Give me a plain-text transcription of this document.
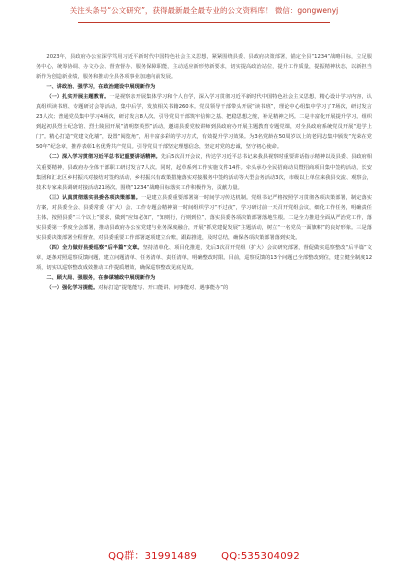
关注头条号“公文研究”，获得最新最全最专业的公文资料库！ 微信：gongwenyj

2023年，县政府办公室深学笃用习近平新时代中国特色社会主义思想，紧紧围绕县委、县政府决策部署，锚定全县“1234”战略目标，立足服务中心，统筹协调、办文办会、督查督办、服务保障职能，主动适应新形势新要求，切实提高政治站位，提升工作质量，提振精神状态，以新担当新作为创造新业绩，服务和推动全县各项事业加速向前发展。

一、讲政治、强学习，在政治建设中展现新作为

（一）扎实开展主题教育。一是视察亲开展集体学习和个人自学，深入学习贯彻习近平新时代中国特色社会主义思想，精心设计学习内容，认真组织读书班、专题研讨会等活动，集中后学，发放相关书籍260本。党员领导干部带头开展“读书班”，理论中心组集中学习了7场次，研讨发言23人次；普通党员集中学习4场次，研讨发言8人次。引导党员干部筑牢信仰之基、把稳思想之舵，补足精神之钙。二是丰富化开展提升学习。组织到起初县烈士纪念馆、烈士陵园开展“清明祭英烈”活动，邀请县委党校讲师到县政府办开展主题教育专题党课，对全县政府系统党员开展“进学上门”。精心打造“党建文化墙”，设置“阅览角”，用丰富多彩的学习方式，有效提升学习效果。为3名党龄在50周岁以上的老同志集中颁发“光荣在党50年”纪念章，推荐表彰1名优秀共产党员。引导党员干部坚定理想信念，坚定对党的忠诚，坚守初心使命。

（二）深入学习贯彻习近平总书记重要讲话精神。先后5次召开会议，传达学习近平总书记来我县视察时重要讲话指示精神以及县委、县政府相关重要精神，县政府办全体干部职工研讨发言7人次。同时，起草系列工作实施文件14件。牵头承办全民招商动员暨招商项目集中签约活动，长安集团和汇北区乡村振兴对接结对签约活动，乡村振兴有政策措施落实对接服务中签约活动等大型会务活动3次，市级以上单位来我县交流、观察会，技术专家来县调研对接活动21场次。围绕“1234”战略目标落实工作积极作为，贡献力量。

（三）认真贯彻落实县委各项决策部署。一是建立县委重要部署第一时间学习传达机制。党组书记严格按照学习贯彻各项决策部署，制定落实方案，对县委全会、县委常委（扩大）会、工作专题会精神第一时间组织学习“不过夜”，学习研讨前一天召开党组会议，细化工作任务，明确责任主体，按照县委“三个以上”要求，做到“应知必知”，“知则行，行则到位”，落实县委各项决策部署落地生根。二是全力推进全面从严治党工作，落实县委第一季度全会部署，推动县政府办公室党建与业务深度融合，开展“抓党建促发展”主题活动，树立“一名党员一面旗帜”的良好形象。三是落实县委决策部署全程督查，对县委重要工作部署逐项建立台账，跟踪推进，及时总结，确保各项决策部署落到实处。

（四）全力做好县委巡察“后半篇”文章。坚持清单化、项目化推进，先后3次召开党组（扩大）会议研究部署，督促做实巡察整改“后半篇”文章，逐条对照巡察反馈问题，建立问题清单、任务清单、责任清单，明确整改时限。目前，巡察反馈的13个问题已全部整改到位，建立健全制度12项，切实以巡察整改成效推动工作提质增效，确保巡察整改见底见效。

二、顾大局、强服务，在参谋辅政中展现新作为

（一）强化学习提能。对标打造“提笔能写、开口能讲、问事能对、遇事能办”的

QQ群：31991489 QQ:535304092
